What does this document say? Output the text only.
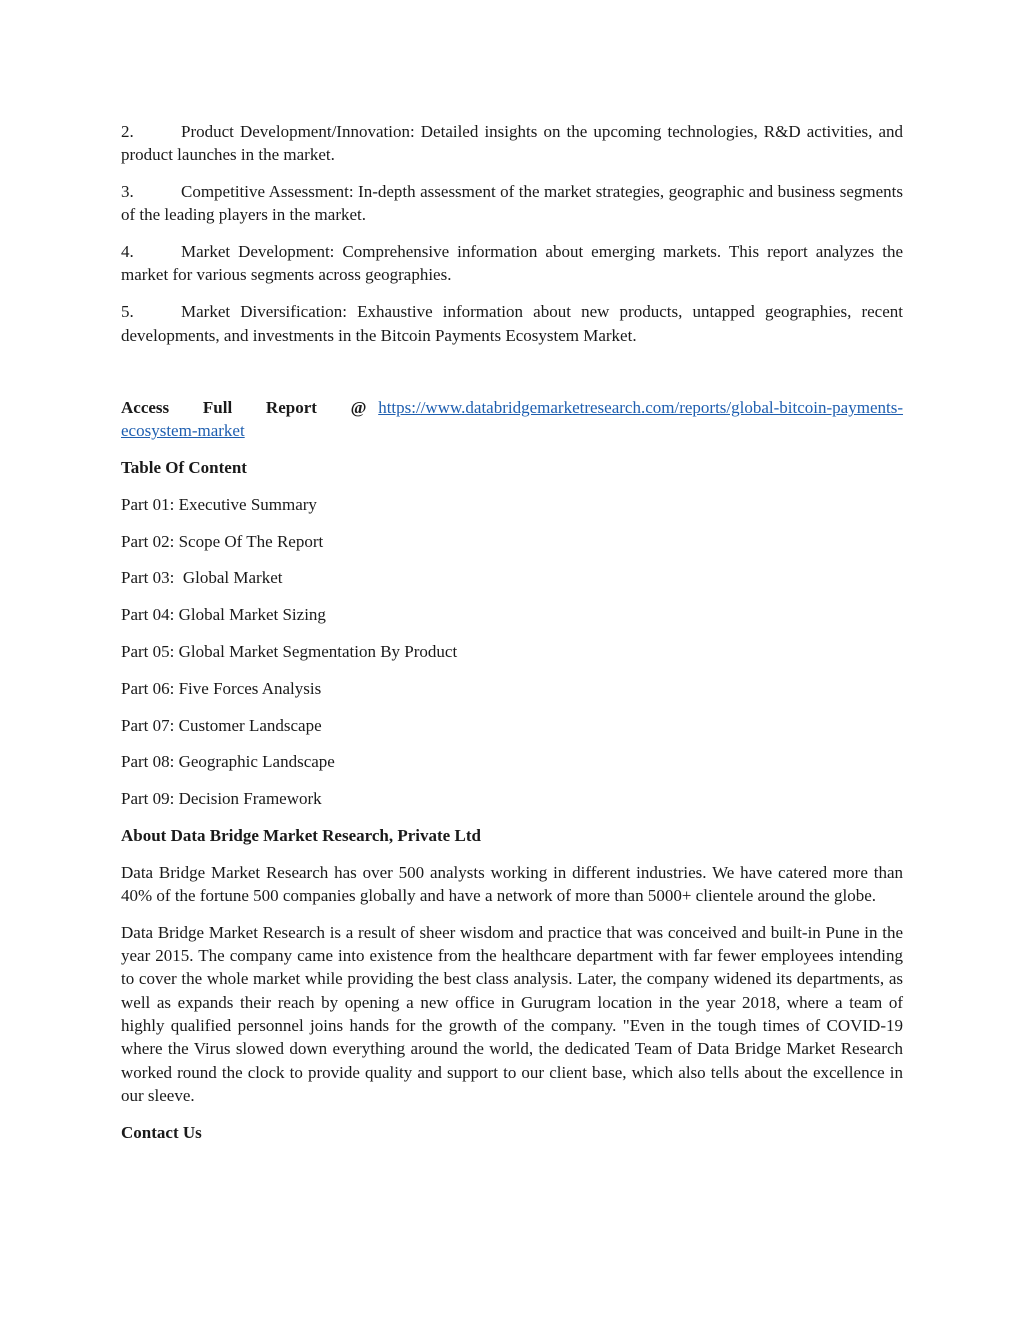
2.	Product Development/Innovation: Detailed insights on the upcoming technologies, R&D activities, and product launches in the market.
3.	Competitive Assessment: In-depth assessment of the market strategies, geographic and business segments of the leading players in the market.
4.	Market Development: Comprehensive information about emerging markets. This report analyzes the market for various segments across geographies.
5.	Market Diversification: Exhaustive information about new products, untapped geographies, recent developments, and investments in the Bitcoin Payments Ecosystem Market.
Access Full Report @ https://www.databridgemarketresearch.com/reports/global-bitcoin-payments-ecosystem-market
Table Of Content
Part 01: Executive Summary
Part 02: Scope Of The Report
Part 03:  Global Market
Part 04: Global Market Sizing
Part 05: Global Market Segmentation By Product
Part 06: Five Forces Analysis
Part 07: Customer Landscape
Part 08: Geographic Landscape
Part 09: Decision Framework
About Data Bridge Market Research, Private Ltd
Data Bridge Market Research has over 500 analysts working in different industries. We have catered more than 40% of the fortune 500 companies globally and have a network of more than 5000+ clientele around the globe.
Data Bridge Market Research is a result of sheer wisdom and practice that was conceived and built-in Pune in the year 2015. The company came into existence from the healthcare department with far fewer employees intending to cover the whole market while providing the best class analysis. Later, the company widened its departments, as well as expands their reach by opening a new office in Gurugram location in the year 2018, where a team of highly qualified personnel joins hands for the growth of the company. "Even in the tough times of COVID-19 where the Virus slowed down everything around the world, the dedicated Team of Data Bridge Market Research worked round the clock to provide quality and support to our client base, which also tells about the excellence in our sleeve.
Contact Us
